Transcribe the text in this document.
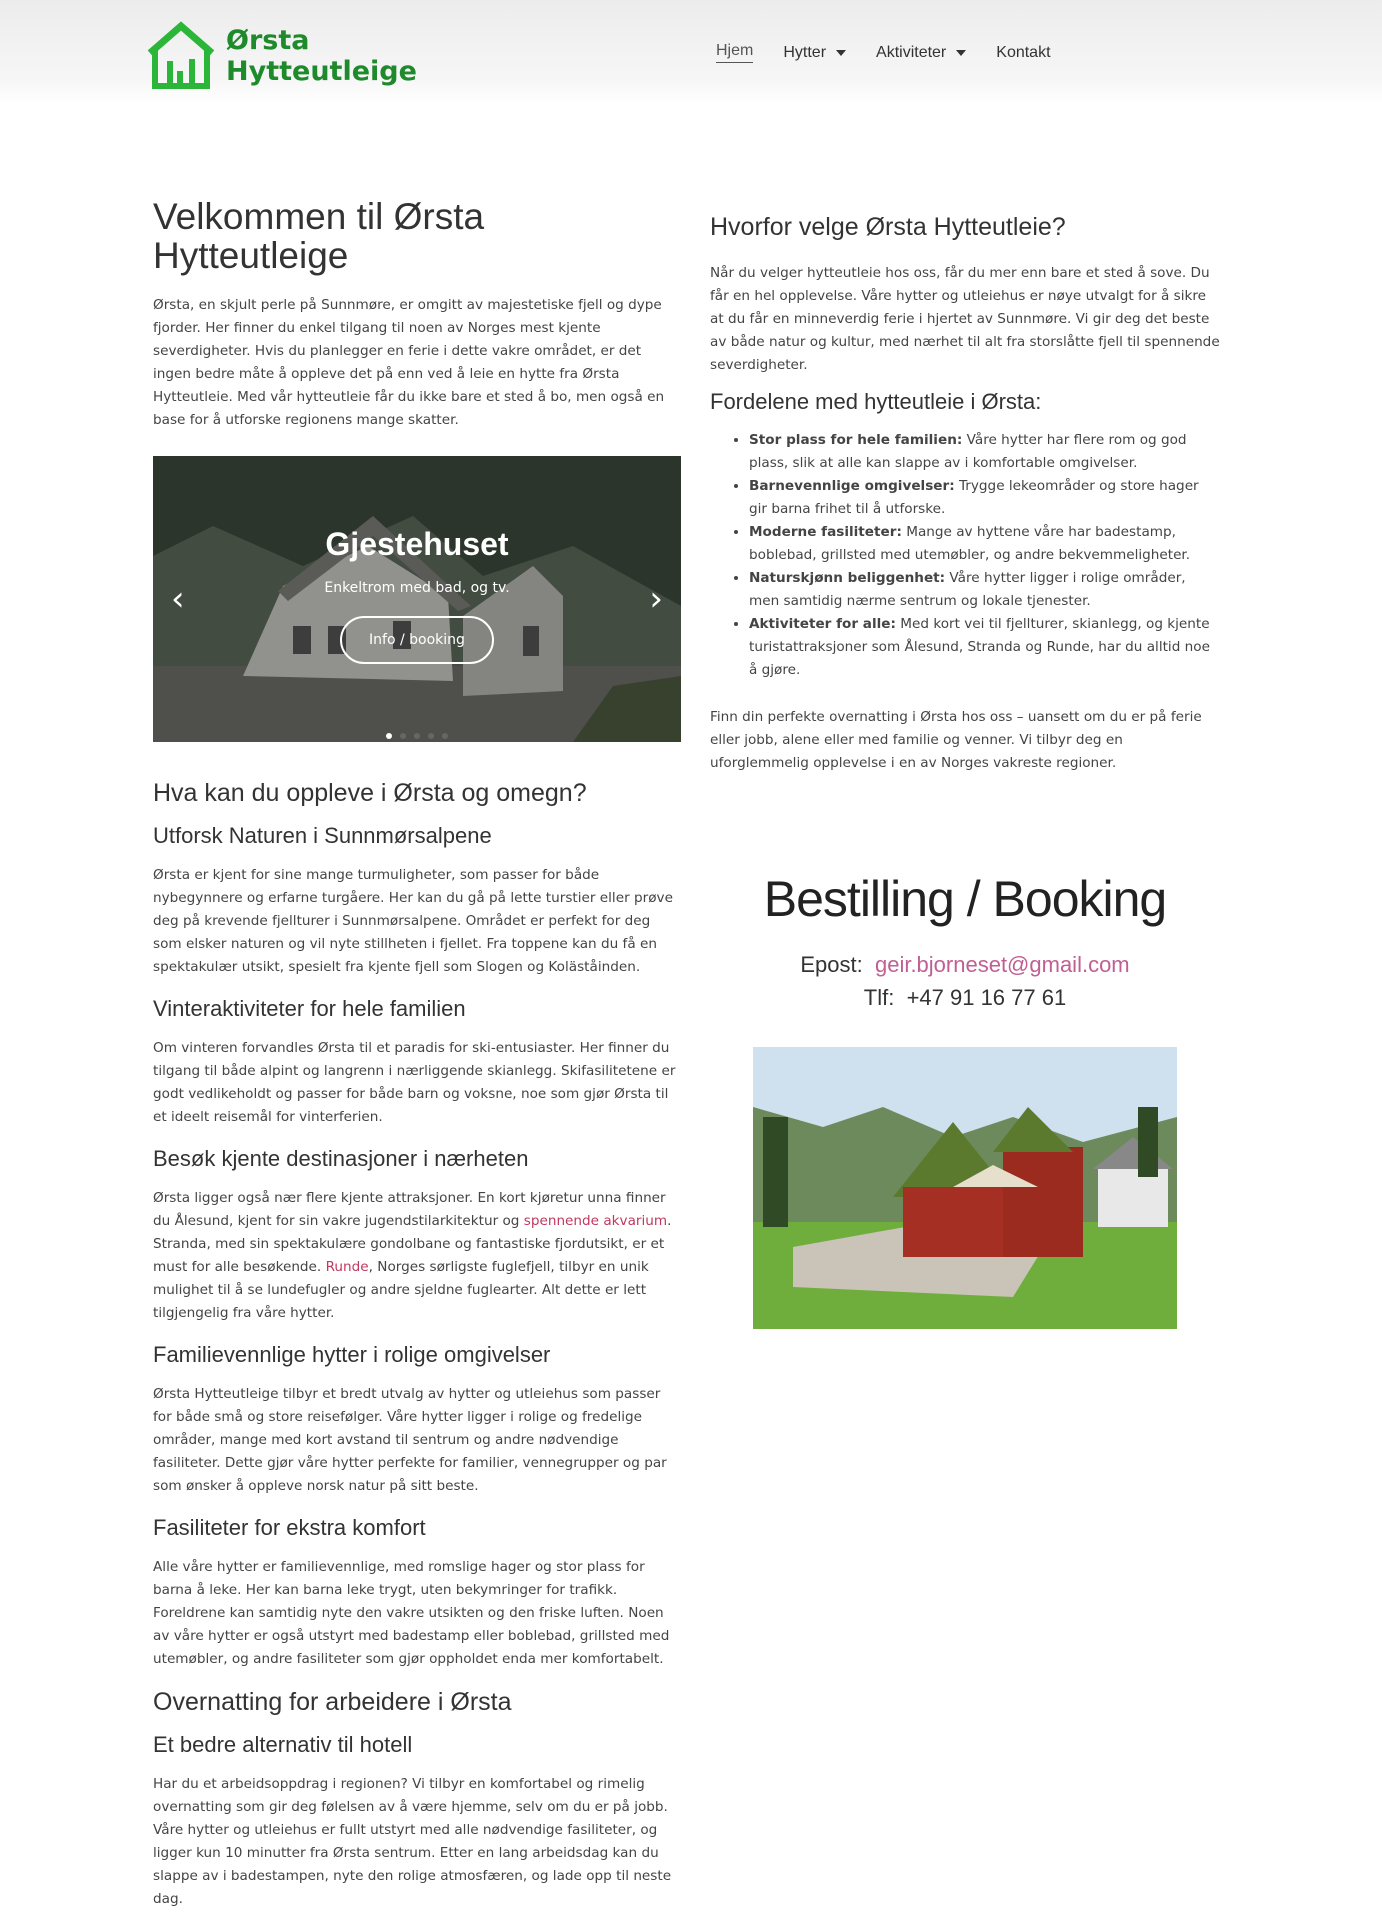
Ørsta
Hytteutleige
Hjem Hytter	Aktiviteter	Kontakt
Velkommen til Ørsta Hytteutleige

Ørsta, en skjult perle på Sunnmøre, er omgitt av majestetiske fjell og dype fjorder. Her finner du enkel tilgang til noen av Norges mest kjente severdigheter. Hvis du planlegger en ferie i dette vakre området, er det ingen bedre måte å oppleve det på enn ved å leie en hytte fra Ørsta Hytteutleie. Med vår hytteutleie får du ikke bare et sted å bo, men også en base for å utforske regionens mange skatter.

Gjestehuset
Enkeltrom med bad, og tv.
Info / booking
‹	›
Hva kan du oppleve i Ørsta og omegn?
Utforsk Naturen i Sunnmørsalpene

Ørsta er kjent for sine mange turmuligheter, som passer for både nybegynnere og erfarne turgåere. Her kan du gå på lette turstier eller prøve deg på krevende fjellturer i Sunnmørsalpene. Området er perfekt for deg som elsker naturen og vil nyte stillheten i fjellet. Fra toppene kan du få en spektakulær utsikt, spesielt fra kjente fjell som Slogen og Koläståinden.

Vinteraktiviteter for hele familien

Om vinteren forvandles Ørsta til et paradis for ski-entusiaster. Her finner du tilgang til både alpint og langrenn i nærliggende skianlegg. Skifasilitetene er godt vedlikeholdt og passer for både barn og voksne, noe som gjør Ørsta til et ideelt reisemål for vinterferien.

Besøk kjente destinasjoner i nærheten

Ørsta ligger også nær flere kjente attraksjoner. En kort kjøretur unna finner du Ålesund, kjent for sin vakre jugendstilarkitektur og spennende akvarium. Stranda, med sin spektakulære gondolbane og fantastiske fjordutsikt, er et must for alle besøkende. Runde, Norges sørligste fuglefjell, tilbyr en unik mulighet til å se lundefugler og andre sjeldne fuglearter. Alt dette er lett tilgjengelig fra våre hytter.

Familievennlige hytter i rolige omgivelser

Ørsta Hytteutleige tilbyr et bredt utvalg av hytter og utleiehus som passer for både små og store reisefølger. Våre hytter ligger i rolige og fredelige områder, mange med kort avstand til sentrum og andre nødvendige fasiliteter. Dette gjør våre hytter perfekte for familier, vennegrupper og par som ønsker å oppleve norsk natur på sitt beste.

Fasiliteter for ekstra komfort

Alle våre hytter er familievennlige, med romslige hager og stor plass for barna å leke. Her kan barna leke trygt, uten bekymringer for trafikk. Foreldrene kan samtidig nyte den vakre utsikten og den friske luften. Noen av våre hytter er også utstyrt med badestamp eller boblebad, grillsted med utemøbler, og andre fasiliteter som gjør oppholdet enda mer komfortabelt.

Overnatting for arbeidere i Ørsta
Et bedre alternativ til hotell

Har du et arbeidsoppdrag i regionen? Vi tilbyr en komfortabel og rimelig overnatting som gir deg følelsen av å være hjemme, selv om du er på jobb. Våre hytter og utleiehus er fullt utstyrt med alle nødvendige fasiliteter, og ligger kun 10 minutter fra Ørsta sentrum. Etter en lang arbeidsdag kan du slappe av i badestampen, nyte den rolige atmosfæren, og lade opp til neste dag.

Hvorfor velge Ørsta Hytteutleie?

Når du velger hytteutleie hos oss, får du mer enn bare et sted å sove. Du får en hel opplevelse. Våre hytter og utleiehus er nøye utvalgt for å sikre at du får en minneverdig ferie i hjertet av Sunnmøre. Vi gir deg det beste av både natur og kultur, med nærhet til alt fra storslåtte fjell til spennende severdigheter.

Fordelene med hytteutleie i Ørsta:
• Stor plass for hele familien: Våre hytter har flere rom og god plass, slik at alle kan slappe av i komfortable omgivelser.
• Barnevennlige omgivelser: Trygge lekeområder og store hager gir barna frihet til å utforske.
• Moderne fasiliteter: Mange av hyttene våre har badestamp, boblebad, grillsted med utemøbler, og andre bekvemmeligheter.
• Naturskjønn beliggenhet: Våre hytter ligger i rolige områder, men samtidig nærme sentrum og lokale tjenester.
• Aktiviteter for alle: Med kort vei til fjellturer, skianlegg, og kjente turistattraksjoner som Ålesund, Stranda og Runde, har du alltid noe å gjøre.

Finn din perfekte overnatting i Ørsta hos oss – uansett om du er på ferie eller jobb, alene eller med familie og venner. Vi tilbyr deg en uforglemmelig opplevelse i en av Norges vakreste regioner.

Bestilling / Booking
Epost: geir.bjorneset@gmail.com
Tlf: +47 91 16 77 61
